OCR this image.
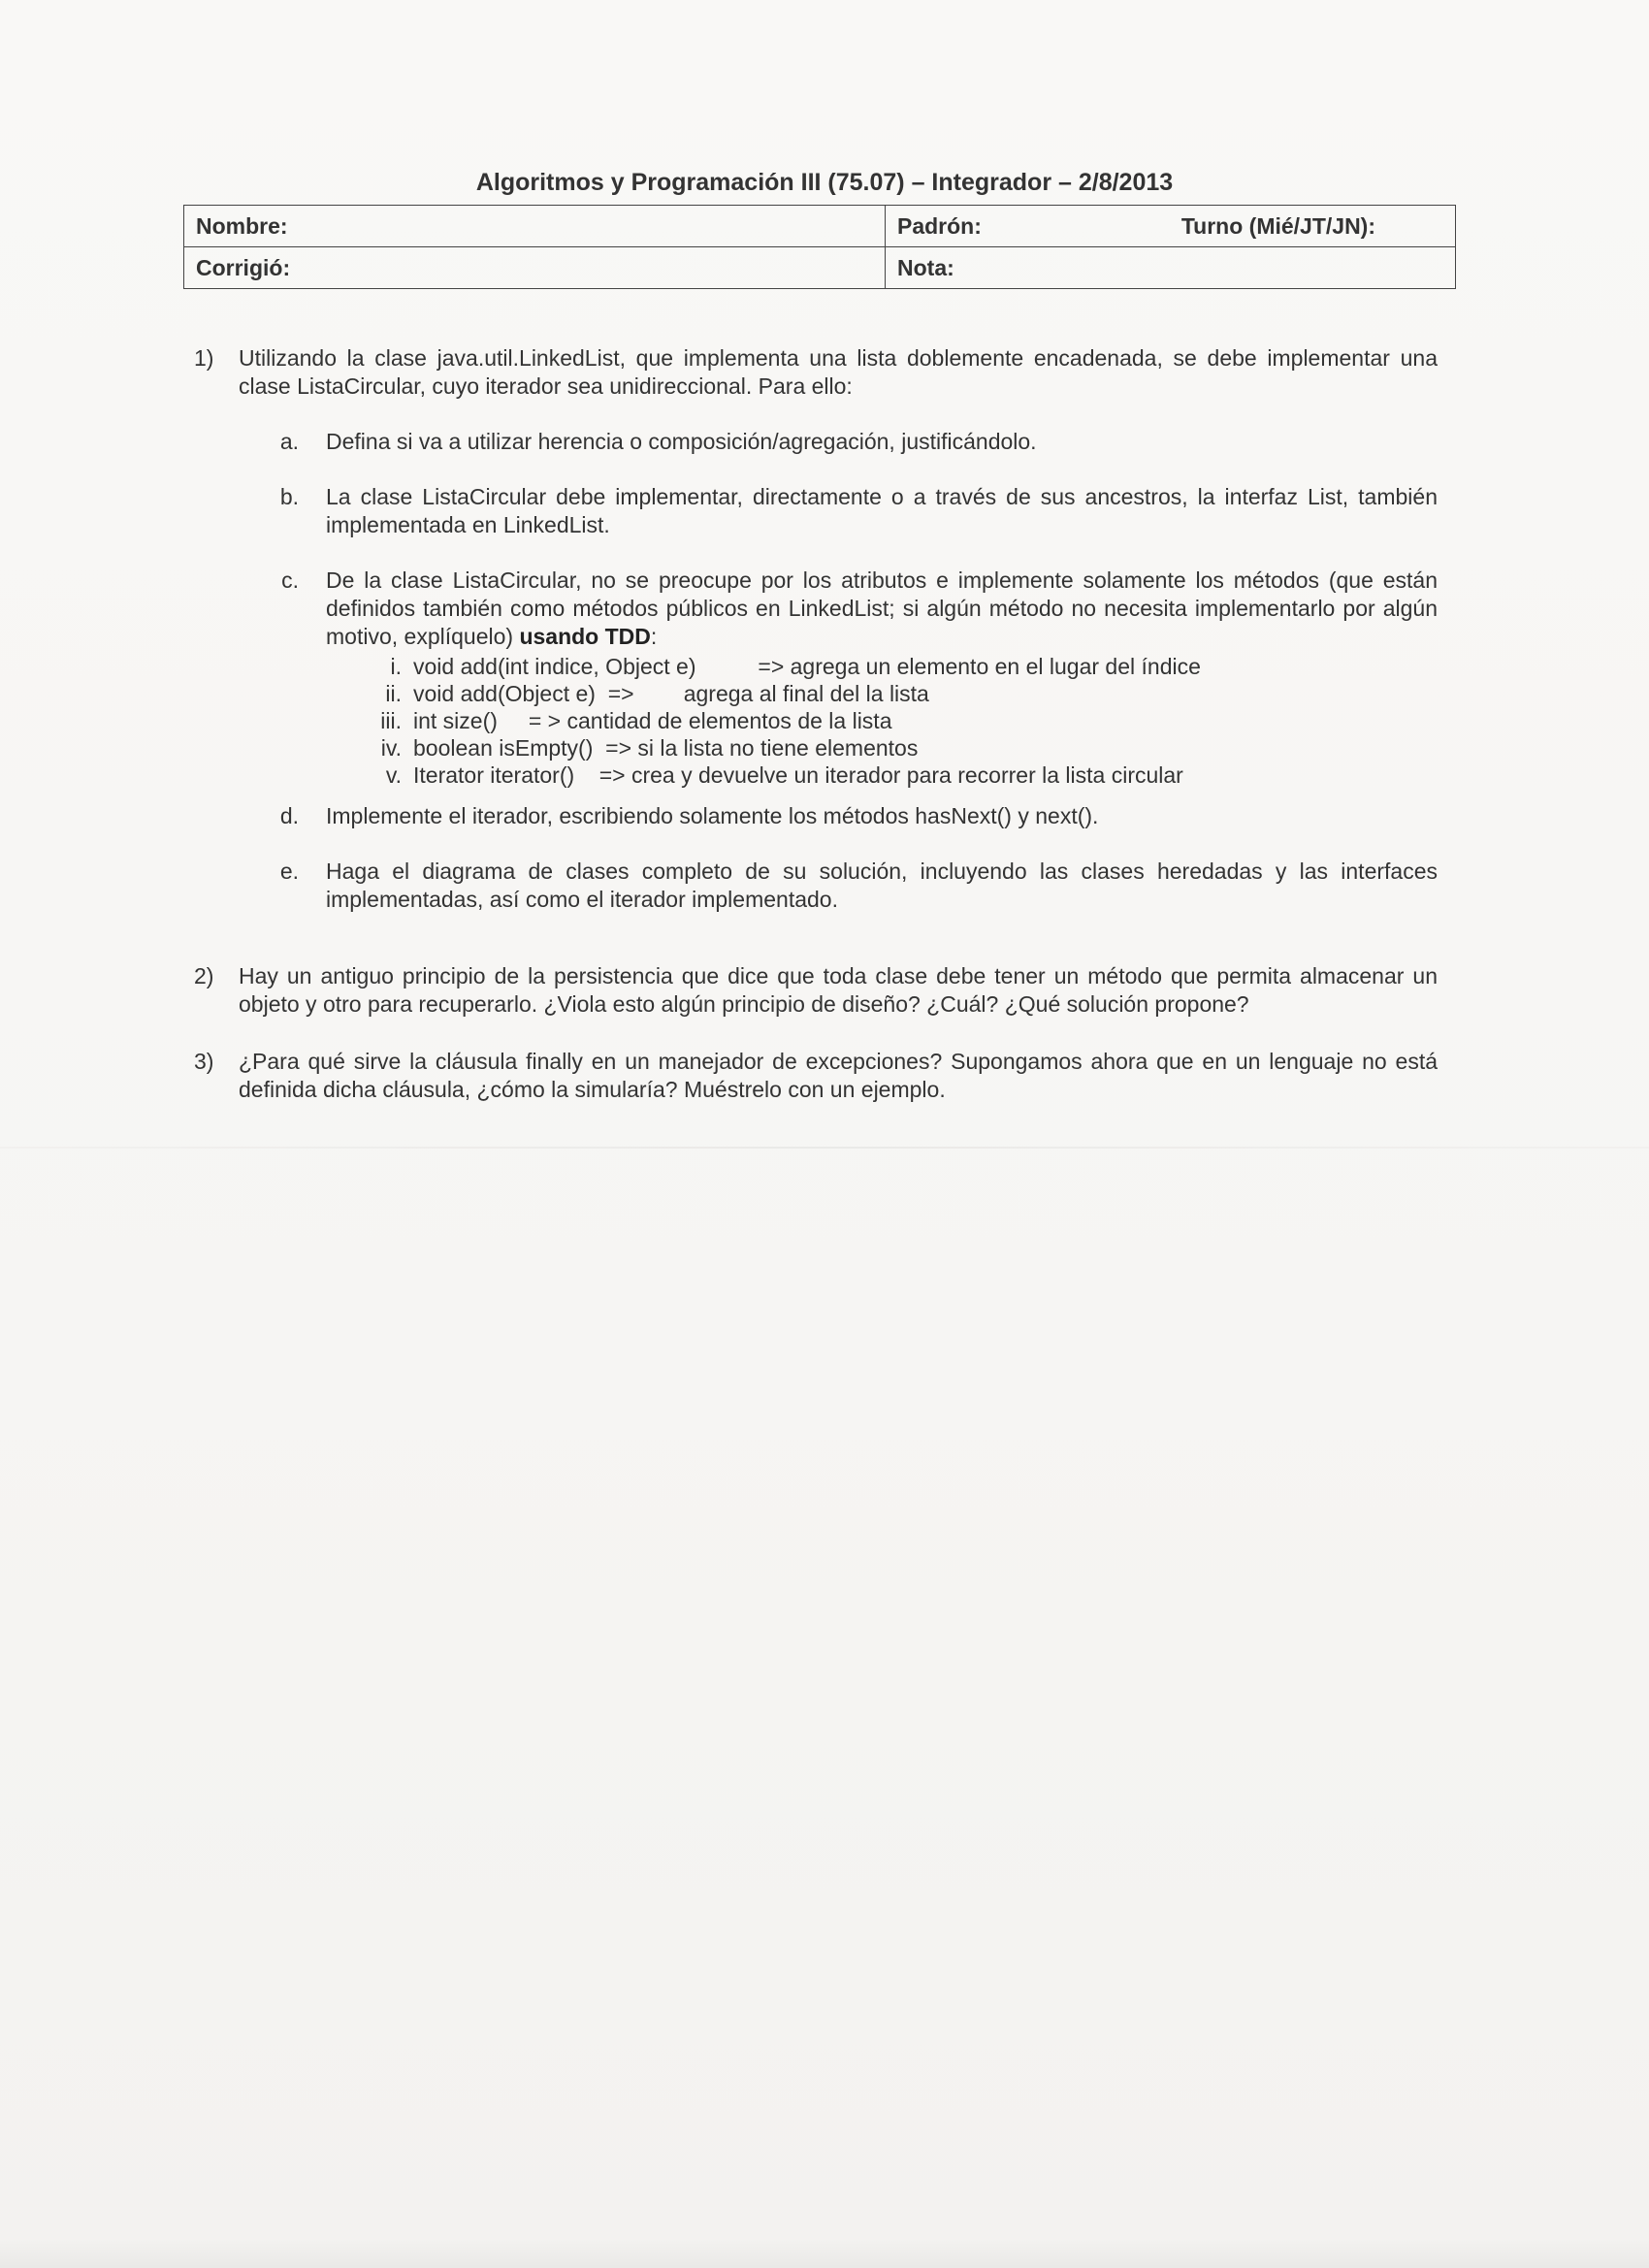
Algoritmos y Programación III (75.07) – Integrador – 2/8/2013
Nombre:	Padrón: Turno (Mié/JT/JN):

Corrigió:	Nota:
1)	Utilizando la clase java.util.LinkedList, que implementa una lista doblemente encadenada, se debe implementar una clase ListaCircular, cuyo iterador sea unidireccional. Para ello:
a.	Defina si va a utilizar herencia o composición/agregación, justificándolo.
b.	La clase ListaCircular debe implementar, directamente o a través de sus ancestros, la interfaz List, también implementada en LinkedList.
c.	De la clase ListaCircular, no se preocupe por los atributos e implemente solamente los métodos (que están definidos también como métodos públicos en LinkedList; si algún método no necesita implementarlo por algún motivo, explíquelo) usando TDD:
i. void add(int indice, Object e)          => agrega un elemento en el lugar del índice
ii. void add(Object e)  =>        agrega al final del la lista
iii. int size()     = > cantidad de elementos de la lista
iv. boolean isEmpty()  => si la lista no tiene elementos
v. Iterator iterator()    => crea y devuelve un iterador para recorrer la lista circular
d.	Implemente el iterador, escribiendo solamente los métodos hasNext() y next().
e.	Haga el diagrama de clases completo de su solución, incluyendo las clases heredadas y las interfaces implementadas, así como el iterador implementado.
2)	Hay un antiguo principio de la persistencia que dice que toda clase debe tener un método que permita almacenar un objeto y otro para recuperarlo. ¿Viola esto algún principio de diseño? ¿Cuál? ¿Qué solución propone?
3)	¿Para qué sirve la cláusula finally en un manejador de excepciones? Supongamos ahora que en un lenguaje no está definida dicha cláusula, ¿cómo la simularía? Muéstrelo con un ejemplo.
